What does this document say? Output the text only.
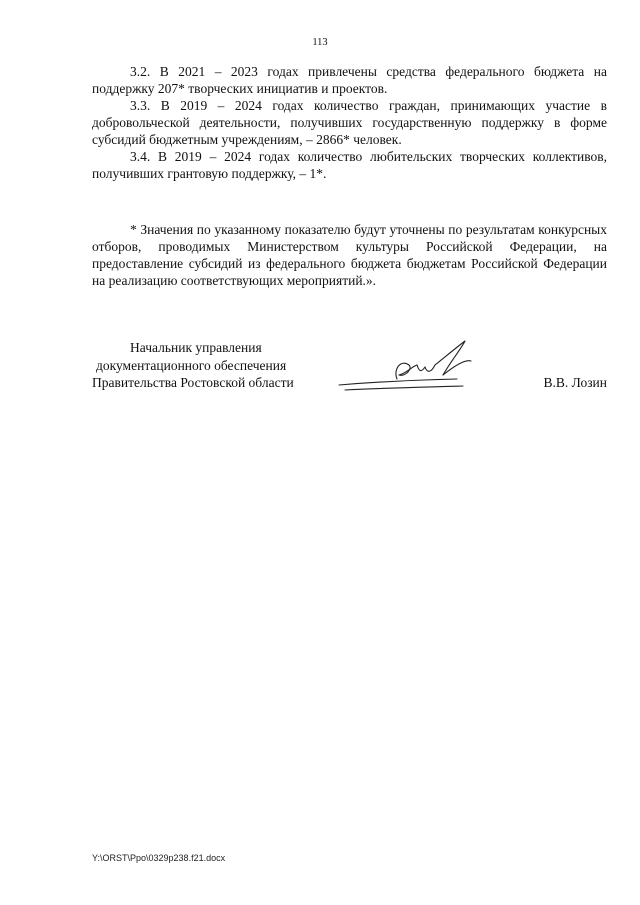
113

3.2. В 2021 – 2023 годах привлечены средства федерального бюджета на поддержку 207* творческих инициатив и проектов.

3.3. В 2019 – 2024 годах количество граждан, принимающих участие в добровольческой деятельности, получивших государственную поддержку в форме субсидий бюджетным учреждениям, – 2866* человек.

3.4. В 2019 – 2024 годах количество любительских творческих коллективов, получивших грантовую поддержку, – 1*.

* Значения по указанному показателю будут уточнены по результатам конкурсных отборов, проводимых Министерством культуры Российской Федерации, на предоставление субсидий из федерального бюджета бюджетам Российской Федерации на реализацию соответствующих мероприятий.».

Начальник управления
документационного обеспечения
Правительства Ростовской области	В.В. Лозин
Y:\ORST\Ppo\0329p238.f21.docx
